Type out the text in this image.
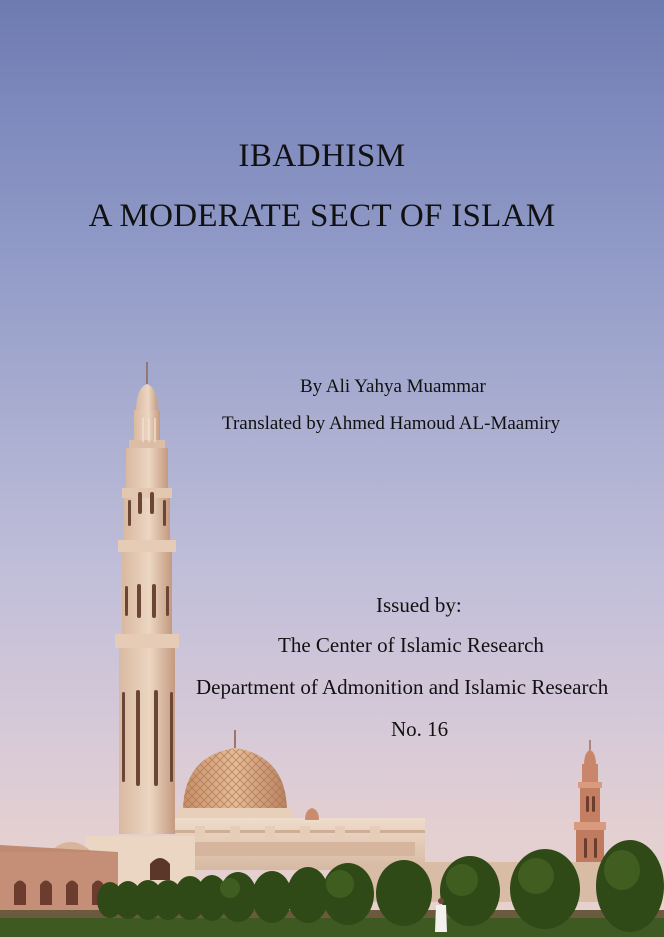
IBADHISM
A MODERATE SECT OF ISLAM
By Ali Yahya Muammar
Translated by Ahmed Hamoud AL-Maamiry
Issued by:
The Center of Islamic Research
Department of Admonition and Islamic Research
No. 16
